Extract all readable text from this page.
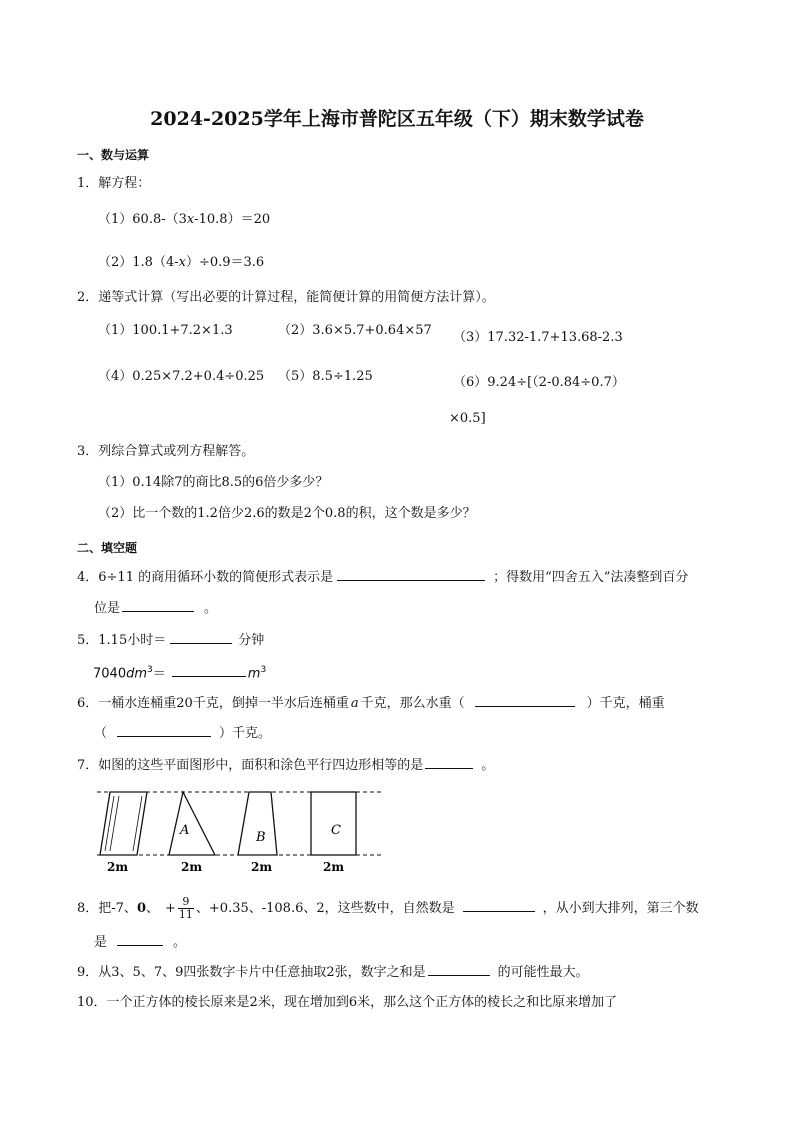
2024-2025学年上海市普陀区五年级（下）期末数学试卷
一、数与运算
1．解方程：
（1）60.8-（3x-10.8）＝20
（2）1.8（4-x）÷0.9＝3.6
2．递等式计算（写出必要的计算过程，能简便计算的用简便方法计算）。
（1）100.1+7.2×1.3	（2）3.6×5.7+0.64×57 （3）17.32-1.7+13.68-2.3
（4）0.25×7.2+0.4÷0.25 （5）8.5÷1.25	（6）9.24÷[（2-0.84÷0.7）
×0.5]
3．列综合算式或列方程解答。
（1）0.14除7的商比8.5的6倍少多少？
（2）比一个数的1.2倍少2.6的数是2个0.8的积，这个数是多少？
二、填空题
4．6÷11 的商用循环小数的简便形式表示是	；得数用“四舍五入”法凑整到百分
位是	。
5．1.15小时＝	分钟
$7040dm^3=$	$m^3$
6．一桶水连桶重20千克，倒掉一半水后连桶重 a 千克，那么水重（	）千克，桶重
（	）千克。
7．如图的这些平面图形中，面积和涂色平行四边形相等的是	。
A	B	C
2m	2m	2m	2m
8．把-7、0、 + $\frac{9}{11}$ 、+0.35、-108.6、2，这些数中，自然数是	，从小到大排列，第三个数
是	。
9．从3、5、7、9四张数字卡片中任意抽取2张，数字之和是	的可能性最大。
10．一个正方体的棱长原来是2米，现在增加到6米，那么这个正方体的棱长之和比原来增加了
